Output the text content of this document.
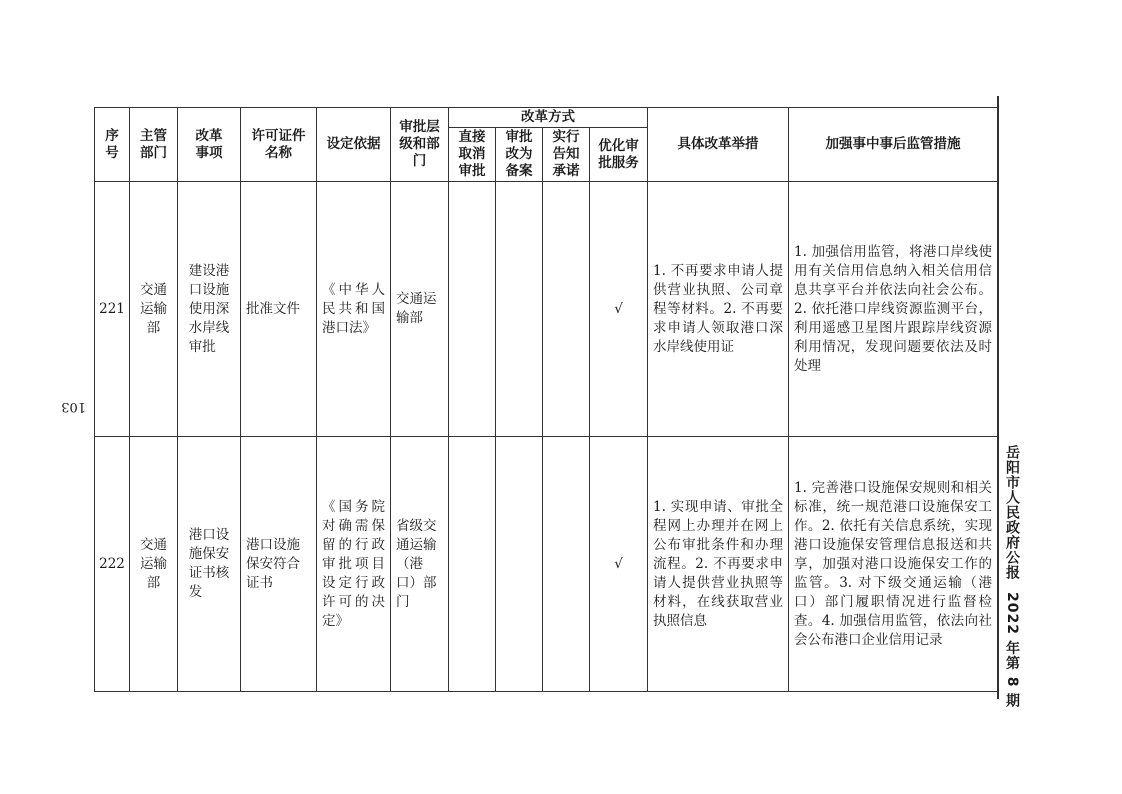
103
序号	主管部门	改革事项	许可证件名称	设定依据	审批层级和部门	改革方式				具体改革举措	加强事中事后监管措施

						直接取消审批	审批改为备案	实行告知承诺	优化审批服务		

221	交通运输部	建设港口设施使用深水岸线审批	批准文件	《中华人民共和国港口法》	交通运输部				√	1. 不再要求申请人提供营业执照、公司章程等材料。2. 不再要求申请人领取港口深水岸线使用证	1. 加强信用监管，将港口岸线使用有关信用信息纳入相关信用信息共享平台并依法向社会公布。2. 依托港口岸线资源监测平台，利用遥感卫星图片跟踪岸线资源利用情况，发现问题要依法及时处理
222	交通运输部	港口设施保安证书核发	港口设施保安符合证书	《国务院对确需保留的行政审批项目设定行政许可的决定》	省级交通运输（港口）部门				√	1. 实现申请、审批全程网上办理并在网上公布审批条件和办理流程。2. 不再要求申请人提供营业执照等材料，在线获取营业执照信息	1. 完善港口设施保安规则和相关标准，统一规范港口设施保安工作。2. 依托有关信息系统，实现港口设施保安管理信息报送和共享，加强对港口设施保安工作的监管。3. 对下级交通运输（港口）部门履职情况进行监督检查。4. 加强信用监管，依法向社会公布港口企业信用记录
岳阳市人民政府公报2022 年第 8 期
